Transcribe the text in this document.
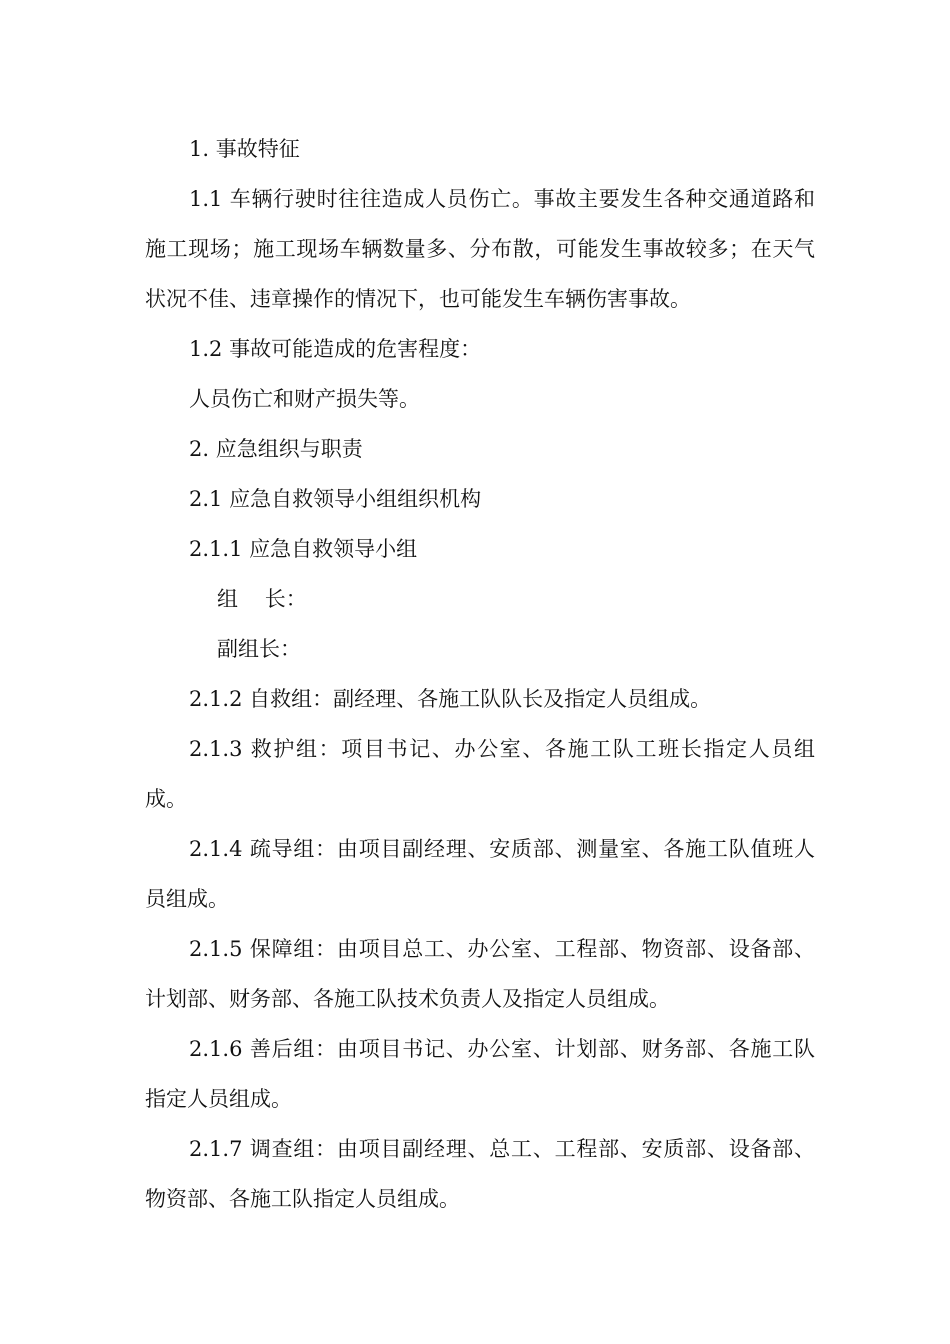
1. 事故特征

1.1 车辆行驶时往往造成人员伤亡。事故主要发生各种交通道路和施工现场；施工现场车辆数量多、分布散，可能发生事故较多；在天气状况不佳、违章操作的情况下，也可能发生车辆伤害事故。

1.2 事故可能造成的危害程度：

人员伤亡和财产损失等。

2. 应急组织与职责

2.1 应急自救领导小组组织机构

2.1.1 应急自救领导小组

组    长：

副组长：

2.1.2 自救组：副经理、各施工队队长及指定人员组成。

2.1.3 救护组：项目书记、办公室、各施工队工班长指定人员组成。

2.1.4 疏导组：由项目副经理、安质部、测量室、各施工队值班人员组成。

2.1.5 保障组：由项目总工、办公室、工程部、物资部、设备部、计划部、财务部、各施工队技术负责人及指定人员组成。

2.1.6 善后组：由项目书记、办公室、计划部、财务部、各施工队指定人员组成。

2.1.7 调查组：由项目副经理、总工、工程部、安质部、设备部、物资部、各施工队指定人员组成。
